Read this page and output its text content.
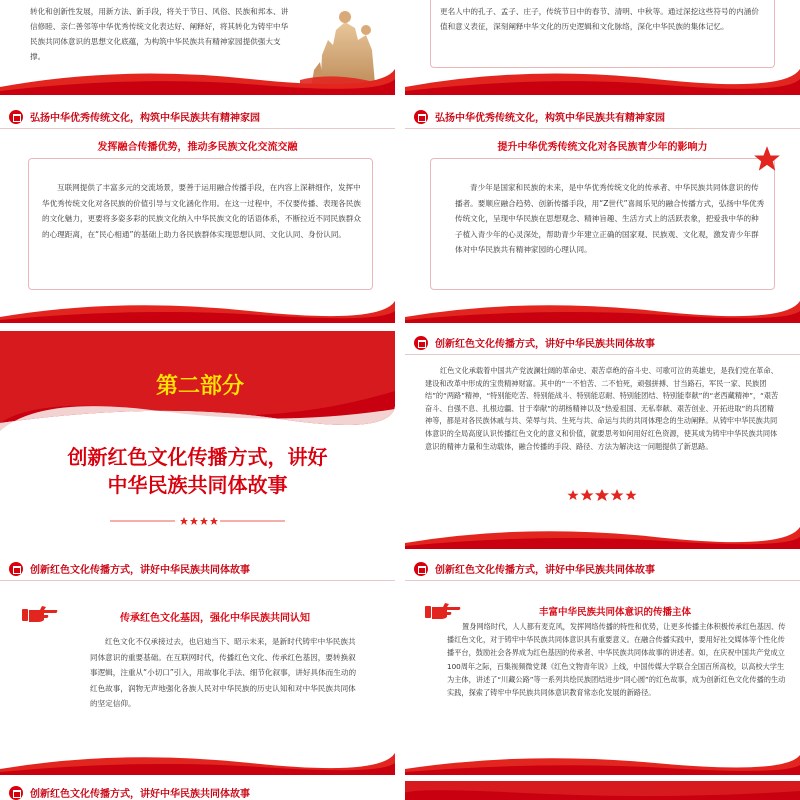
转化和创新性发展，用新方法、新手段，将关于节日、风俗、民族和邦本、讲信修睦、亲仁善邻等中华优秀传统文化表达好、阐释好，将其转化为铸牢中华民族共同体意识的思想文化底蕴，为构筑中华民族共有精神家园提供强大支撑。
更名人中的孔子、孟子、庄子，传统节日中的春节、清明、中秋等。通过深挖这些符号的内涵价值和意义表征，深刻阐释中华文化的历史逻辑和文化脉络，深化中华民族的集体记忆。
弘扬中华优秀传统文化，构筑中华民族共有精神家园
发挥融合传播优势，推动多民族文化交流交融
互联网提供了丰富多元的交流场景，要善于运用融合传播手段，在内容上深耕细作，发挥中华优秀传统文化对各民族的价值引导与文化涵化作用。在这一过程中，不仅要传播、表现各民族的文化魅力，更要将多姿多彩的民族文化纳入中华民族文化的话语体系，不断拉近不同民族群众的心理距离，在“民心相通”的基础上助力各民族群体实现思想认同、文化认同、身份认同。
弘扬中华优秀传统文化，构筑中华民族共有精神家园
提升中华优秀传统文化对各民族青少年的影响力
青少年是国家和民族的未来，是中华优秀传统文化的传承者、中华民族共同体意识的传播者。要顺应融合趋势、创新传播手段，用“Z世代”喜闻乐见的融合传播方式，弘扬中华优秀传统文化，呈现中华民族在思想观念、精神旨趣、生活方式上的活跃表象，把爱我中华的种子植入青少年的心灵深处，帮助青少年建立正确的国家观、民族观、文化观，激发青少年群体对中华民族共有精神家园的心理认同。
第二部分
创新红色文化传播方式，讲好
中华民族共同体故事
创新红色文化传播方式，讲好中华民族共同体故事
红色文化承载着中国共产党波澜壮阔的革命史、艰苦卓绝的奋斗史、可歌可泣的英雄史，是我们党在革命、建设和改革中形成的宝贵精神财富。其中的“一不怕苦、二不怕死，顽强拼搏、甘当路石，军民一家、民族团结”的“两路”精神，“特别能吃苦、特别能战斗、特别能忍耐、特别能团结、特别能奉献”的“老西藏精神”，“艰苦奋斗、自强不息、扎根边疆、甘于奉献”的胡杨精神以及“热爱祖国、无私奉献、艰苦创业、开拓进取”的兵团精神等，都是对各民族休戚与共、荣辱与共、生死与共、命运与共的共同体理念的生动阐释。从铸牢中华民族共同体意识的全局高度认识传播红色文化的意义和价值，就要思考如何用好红色资源，使其成为铸牢中华民族共同体意识的精神力量和生动载体，融合传播的手段、路径、方法为解决这一问题提供了新思路。
创新红色文化传播方式，讲好中华民族共同体故事
传承红色文化基因，强化中华民族共同认知
红色文化不仅承接过去，也启迪当下、昭示未来，是新时代铸牢中华民族共同体意识的重要基础。在互联网时代，传播红色文化、传承红色基因，要转换叙事逻辑，注重从“小切口”引入，用故事化手法、细节化叙事，讲好具体而生动的红色故事，润物无声地强化各族人民对中华民族的历史认知和对中华民族共同体的坚定信仰。
创新红色文化传播方式，讲好中华民族共同体故事
丰富中华民族共同体意识的传播主体
置身网络时代，人人都有麦克风，发挥网络传播的特性和优势，让更多传播主体积极传承红色基因、传播红色文化，对于铸牢中华民族共同体意识具有重要意义。在融合传播实践中，要用好社交媒体等个性化传播平台，鼓励社会各界成为红色基因的传承者、中华民族共同体故事的讲述者。如，在庆祝中国共产党成立100周年之际，百集视频微党课《红色文物青年说》上线，中国传媒大学联合全国百所高校，以高校大学生为主体，讲述了“川藏公路”等一系列共绘民族团结进步“同心圆”的红色故事，成为创新红色文化传播的生动实践，探索了铸牢中华民族共同体意识教育常态化发展的新路径。
创新红色文化传播方式，讲好中华民族共同体故事
